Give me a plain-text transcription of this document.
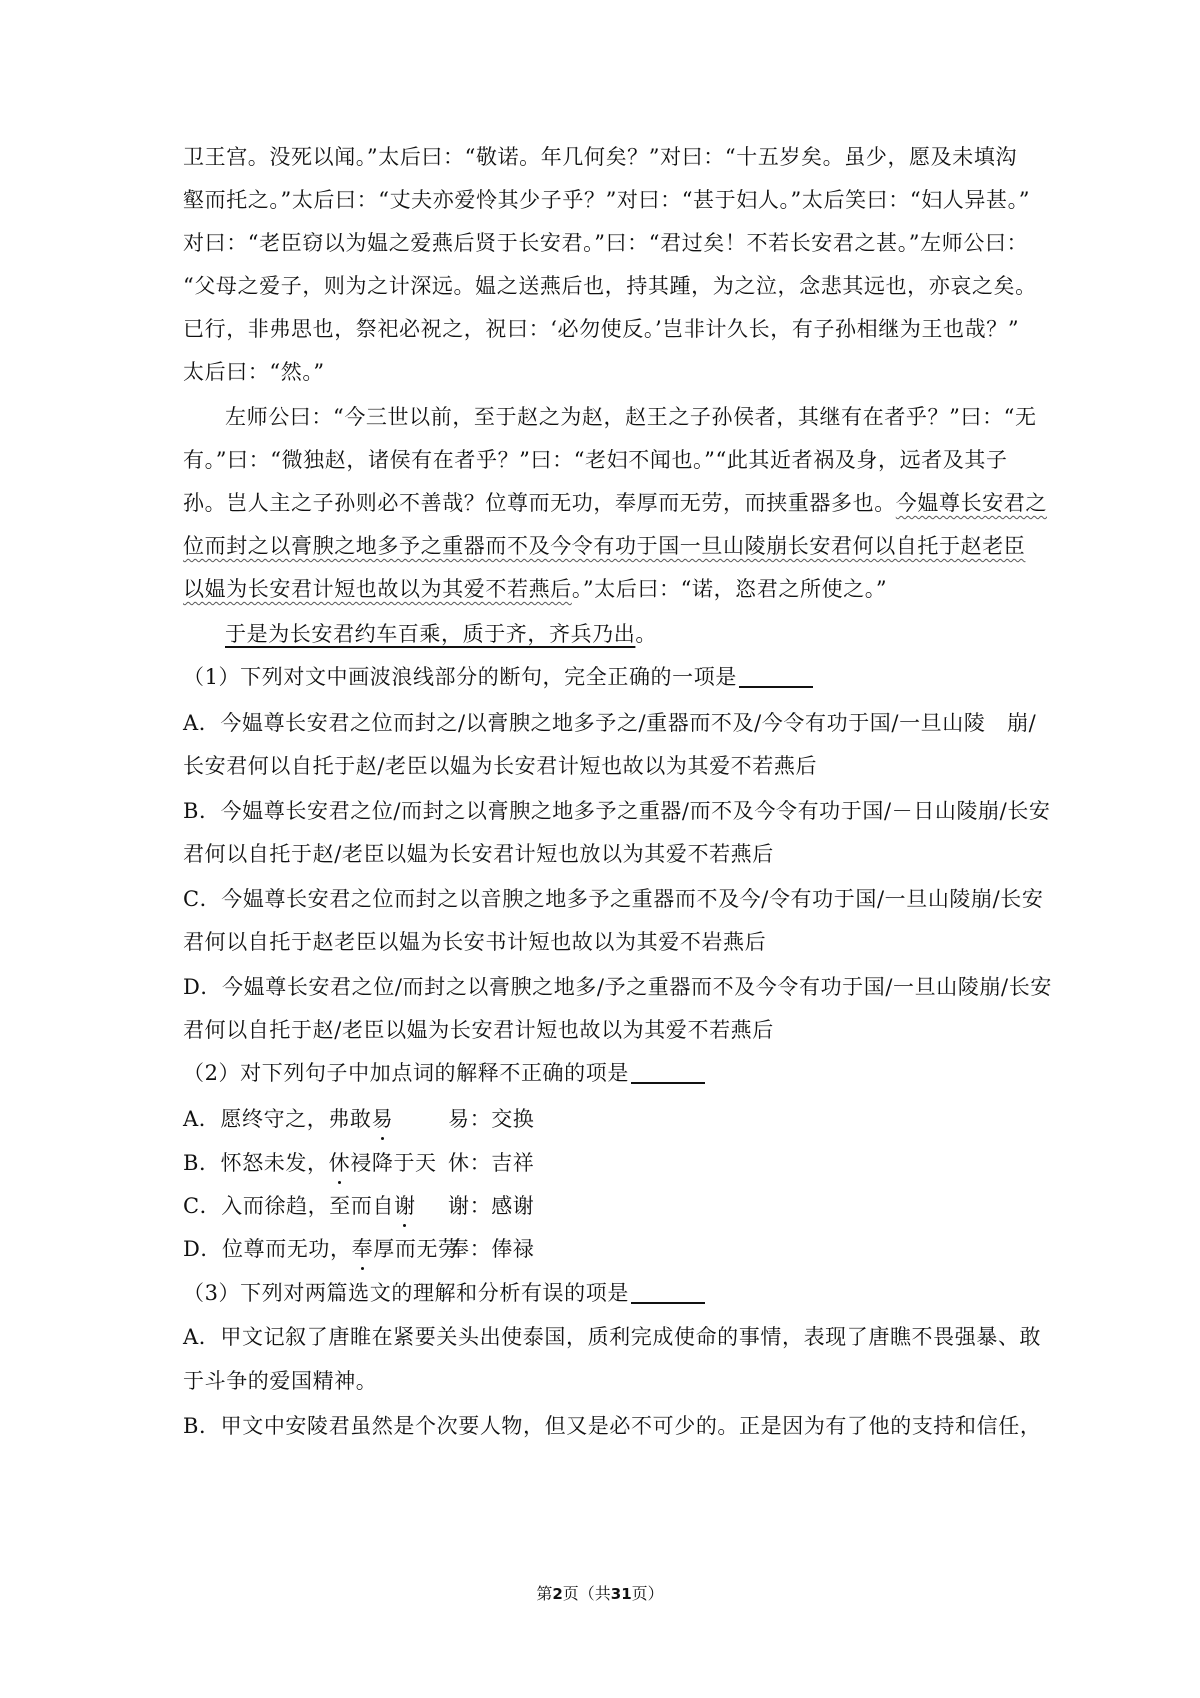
卫王宫。没死以闻。”太后曰：“敬诺。年几何矣？”对曰：“十五岁矣。虽少，愿及未填沟
壑而托之。”太后曰：“丈夫亦爱怜其少子乎？”对曰：“甚于妇人。”太后笑曰：“妇人异甚。”
对曰：“老臣窃以为媪之爱燕后贤于长安君。”曰：“君过矣！不若长安君之甚。”左师公曰：
“父母之爱子，则为之计深远。媪之送燕后也，持其踵，为之泣，念悲其远也，亦哀之矣。
已行，非弗思也，祭祀必祝之，祝曰：‘必勿使反。’岂非计久长，有子孙相继为王也哉？”
太后曰：“然。”
左师公曰：“今三世以前，至于赵之为赵，赵王之子孙侯者，其继有在者乎？”曰：“无
有。”曰：“微独赵，诸侯有在者乎？”曰：“老妇不闻也。”“此其近者祸及身，远者及其子
孙。岂人主之子孙则必不善哉？位尊而无功，奉厚而无劳，而挟重器多也。今媪尊长安君之
位而封之以膏腴之地多予之重器而不及今令有功于国一旦山陵崩长安君何以自托于赵老臣
以媪为长安君计短也故以为其爱不若燕后。”太后曰：“诺，恣君之所使之。”
于是为长安君约车百乘，质于齐，齐兵乃出。
（1）下列对文中画波浪线部分的断句，完全正确的一项是
A．今媪尊长安君之位而封之/以膏腴之地多予之/重器而不及/今令有功于国/一旦山陵　崩/
长安君何以自托于赵/老臣以媪为长安君计短也故以为其爱不若燕后
B．今媪尊长安君之位/而封之以膏腴之地多予之重器/而不及今令有功于国/－日山陵崩/长安
君何以自托于赵/老臣以媪为长安君计短也放以为其爱不若燕后
C．今媪尊长安君之位而封之以音腴之地多予之重器而不及今/令有功于国/一旦山陵崩/长安
君何以自托于赵老臣以媪为长安书计短也故以为其爱不岩燕后
D．今媪尊长安君之位/而封之以膏腴之地多/予之重器而不及今令有功于国/一旦山陵崩/长安
君何以自托于赵/老臣以媪为长安君计短也故以为其爱不若燕后
（2）对下列句子中加点词的解释不正确的项是
A．愿终守之，弗敢易	易：交换
B．怀怒未发，休祲降于天 休：吉祥
C．入而徐趋，至而自谢 谢：感谢
D．位尊而无功，奉厚而无劳奉：俸禄
（3）下列对两篇选文的理解和分析有误的项是
A．甲文记叙了唐睢在紧要关头出使泰国，质利完成使命的事情，表现了唐瞧不畏强暴、敢
于斗争的爱国精神。
B．甲文中安陵君虽然是个次要人物，但又是必不可少的。正是因为有了他的支持和信任，
第2页（共31页）
